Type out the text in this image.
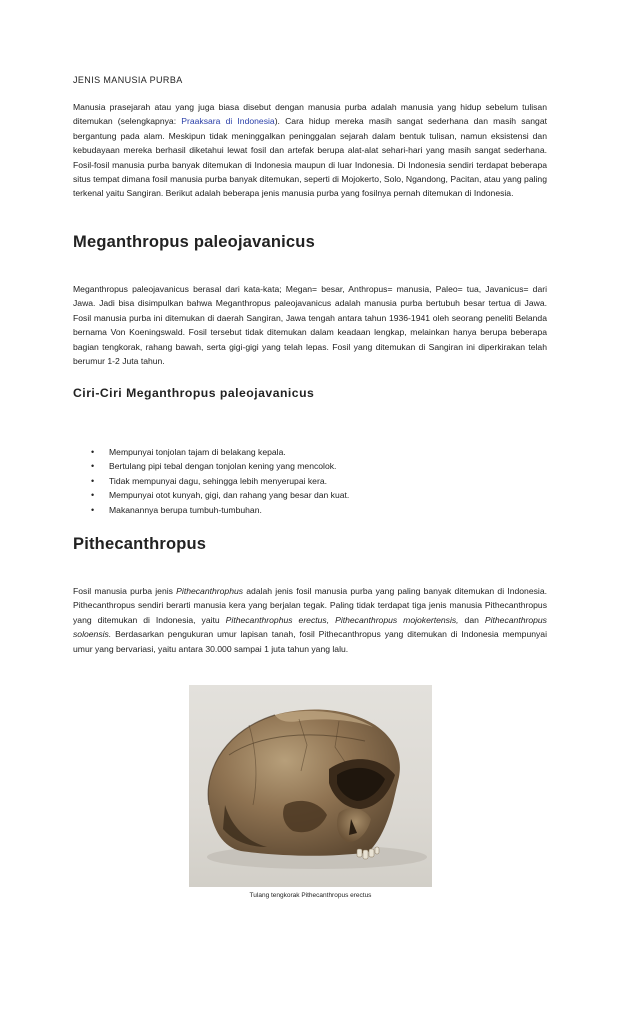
JENIS MANUSIA PURBA

Manusia prasejarah atau yang juga biasa disebut dengan manusia purba adalah manusia yang hidup sebelum tulisan ditemukan (selengkapnya: Praaksara di Indonesia). Cara hidup mereka masih sangat sederhana dan masih sangat bergantung pada alam. Meskipun tidak meninggalkan peninggalan sejarah dalam bentuk tulisan, namun eksistensi dan kebudayaan mereka berhasil diketahui lewat fosil dan artefak berupa alat-alat sehari-hari yang masih sangat sederhana. Fosil-fosil manusia purba banyak ditemukan di Indonesia maupun di luar Indonesia. Di Indonesia sendiri terdapat beberapa situs tempat dimana fosil manusia purba banyak ditemukan, seperti di Mojokerto, Solo, Ngandong, Pacitan, atau yang paling terkenal yaitu Sangiran. Berikut adalah beberapa jenis manusia purba yang fosilnya pernah ditemukan di Indonesia.

Meganthropus paleojavanicus

Meganthropus paleojavanicus berasal dari kata-kata; Megan= besar, Anthropus= manusia, Paleo= tua, Javanicus= dari Jawa. Jadi bisa disimpulkan bahwa Meganthropus paleojavanicus adalah manusia purba bertubuh besar tertua di Jawa. Fosil manusia purba ini ditemukan di daerah Sangiran, Jawa tengah antara tahun 1936-1941 oleh seorang peneliti Belanda bernama Von Koeningswald. Fosil tersebut tidak ditemukan dalam keadaan lengkap, melainkan hanya berupa beberapa bagian tengkorak, rahang bawah, serta gigi-gigi yang telah lepas. Fosil yang ditemukan di Sangiran ini diperkirakan telah berumur 1-2 Juta tahun.

Ciri-Ciri Meganthropus paleojavanicus
• Mempunyai tonjolan tajam di belakang kepala.
• Bertulang pipi tebal dengan tonjolan kening yang mencolok.
• Tidak mempunyai dagu, sehingga lebih menyerupai kera.
• Mempunyai otot kunyah, gigi, dan rahang yang besar dan kuat.
• Makanannya berupa tumbuh-tumbuhan.
Pithecanthropus

Fosil manusia purba jenis Pithecanthrophus adalah jenis fosil manusia purba yang paling banyak ditemukan di Indonesia. Pithecanthropus sendiri berarti manusia kera yang berjalan tegak. Paling tidak terdapat tiga jenis manusia Pithecanthropus yang ditemukan di Indonesia, yaitu Pithecanthrophus erectus, Pithecanthropus mojokertensis, dan Pithecanthropus soloensis. Berdasarkan pengukuran umur lapisan tanah, fosil Pithecanthropus yang ditemukan di Indonesia mempunyai umur yang bervariasi, yaitu antara 30.000 sampai 1 juta tahun yang lalu.

Tulang tengkorak Pithecanthropus erectus
